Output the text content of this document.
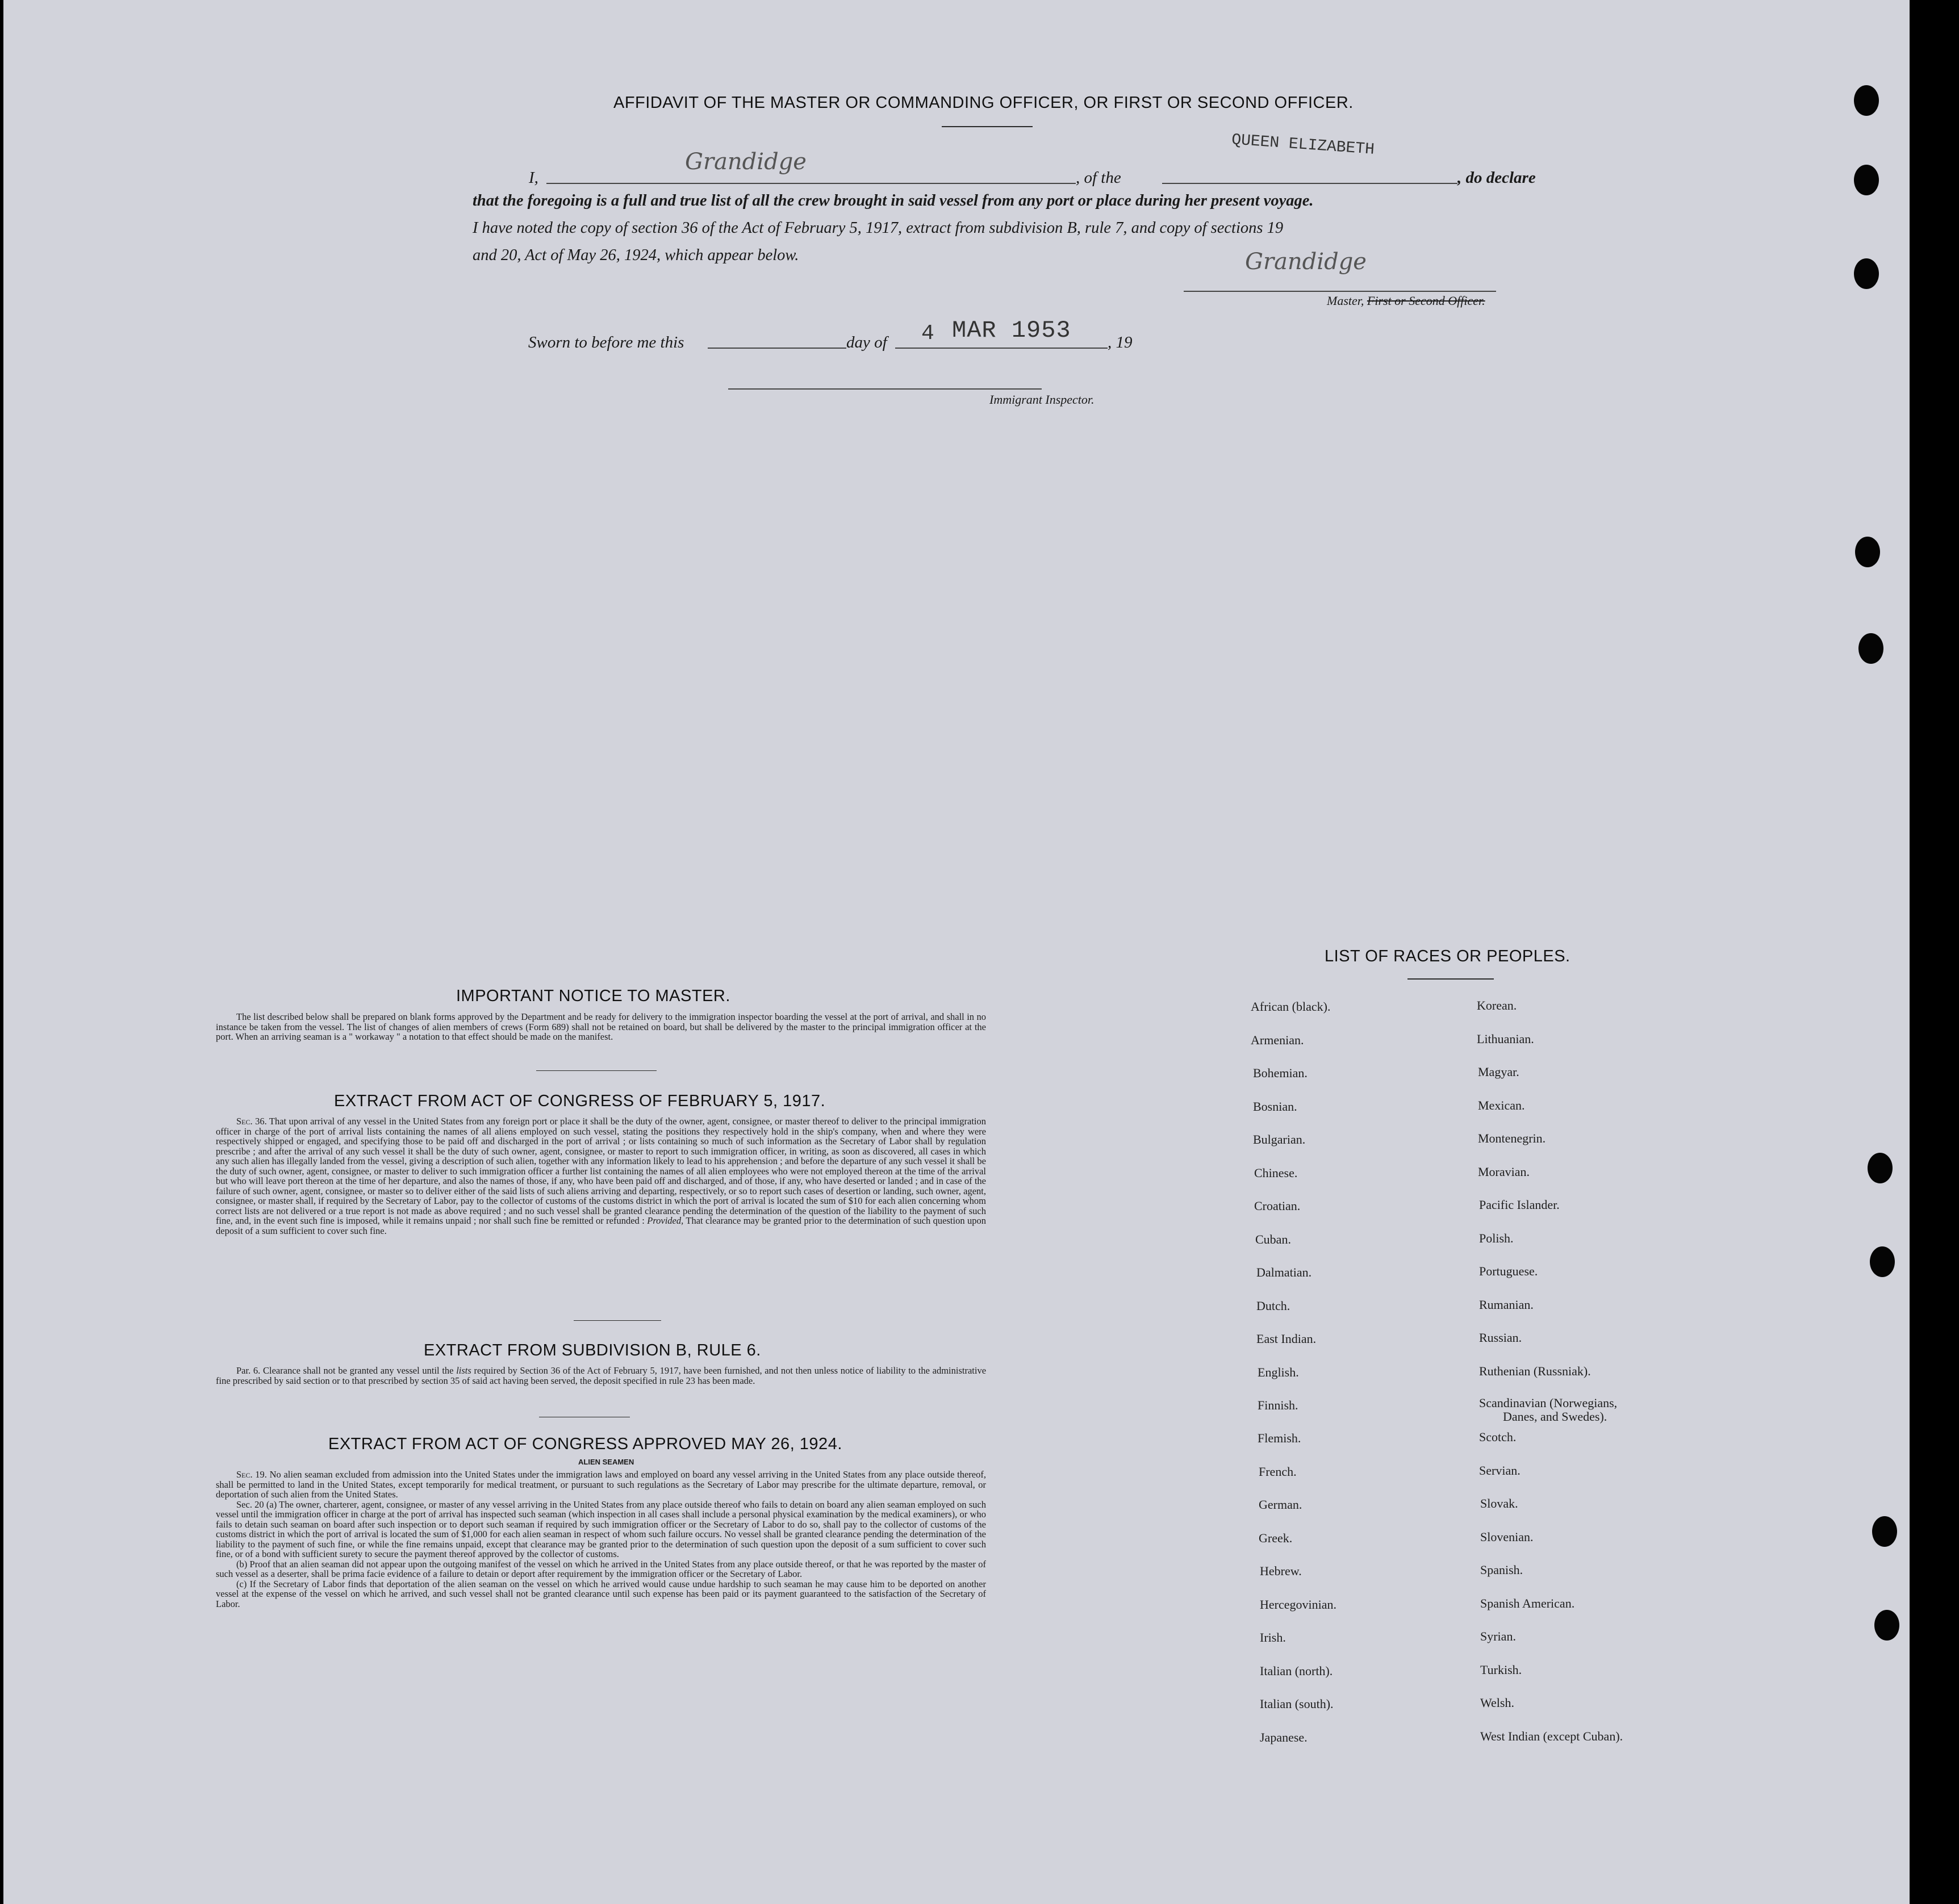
AFFIDAVIT OF THE MASTER OR COMMANDING OFFICER, OR FIRST OR SECOND OFFICER.
I,
Grandidge
, of the
QUEEN ELIZABETH
, do declare
that the foregoing is a full and true list of all the crew brought in said vessel from any port or place during her present voyage.
I have noted the copy of section 36 of the Act of February 5, 1917, extract from subdivision B, rule 7, and copy of sections 19
and 20, Act of May 26, 1924, which appear below.	Grandidge
Master, First or Second Officer.
Sworn to before me this	day of 4 MAR 1953 , 19
Immigrant Inspector.
IMPORTANT NOTICE TO MASTER.

The list described below shall be prepared on blank forms approved by the Department and be ready for delivery to the immigration inspector boarding the vessel at the port of arrival, and shall in no instance be taken from the vessel. The list of changes of alien members of crews (Form 689) shall not be retained on board, but shall be delivered by the master to the principal immigration officer at the port. When an arriving seaman is a " workaway " a notation to that effect should be made on the manifest.

EXTRACT FROM ACT OF CONGRESS OF FEBRUARY 5, 1917.

Sec. 36. That upon arrival of any vessel in the United States from any foreign port or place it shall be the duty of the owner, agent, consignee, or master thereof to deliver to the principal immigration officer in charge of the port of arrival lists containing the names of all aliens employed on such vessel, stating the positions they respectively hold in the ship's company, when and where they were respectively shipped or engaged, and specifying those to be paid off and discharged in the port of arrival ; or lists containing so much of such information as the Secretary of Labor shall by regulation prescribe ; and after the arrival of any such vessel it shall be the duty of such owner, agent, consignee, or master to report to such immigration officer, in writing, as soon as discovered, all cases in which any such alien has illegally landed from the vessel, giving a description of such alien, together with any information likely to lead to his apprehension ; and before the departure of any such vessel it shall be the duty of such owner, agent, consignee, or master to deliver to such immigration officer a further list containing the names of all alien employees who were not employed thereon at the time of the arrival but who will leave port thereon at the time of her departure, and also the names of those, if any, who have been paid off and discharged, and of those, if any, who have deserted or landed ; and in case of the failure of such owner, agent, consignee, or master so to deliver either of the said lists of such aliens arriving and departing, respectively, or so to report such cases of desertion or landing, such owner, agent, consignee, or master shall, if required by the Secretary of Labor, pay to the collector of customs of the customs district in which the port of arrival is located the sum of $10 for each alien concerning whom correct lists are not delivered or a true report is not made as above required ; and no such vessel shall be granted clearance pending the determination of the question of the liability to the payment of such fine, and, in the event such fine is imposed, while it remains unpaid ; nor shall such fine be remitted or refunded : Provided, That clearance may be granted prior to the determination of such question upon deposit of a sum sufficient to cover such fine.

EXTRACT FROM SUBDIVISION B, RULE 6.

Par. 6. Clearance shall not be granted any vessel until the lists required by Section 36 of the Act of February 5, 1917, have been furnished, and not then unless notice of liability to the administrative fine prescribed by said section or to that prescribed by section 35 of said act having been served, the deposit specified in rule 23 has been made.

EXTRACT FROM ACT OF CONGRESS APPROVED MAY 26, 1924.
ALIEN SEAMEN

Sec. 19. No alien seaman excluded from admission into the United States under the immigration laws and employed on board any vessel arriving in the United States from any place outside thereof, shall be permitted to land in the United States, except temporarily for medical treatment, or pursuant to such regulations as the Secretary of Labor may prescribe for the ultimate departure, removal, or deportation of such alien from the United States.

Sec. 20 (a) The owner, charterer, agent, consignee, or master of any vessel arriving in the United States from any place outside thereof who fails to detain on board any alien seaman employed on such vessel until the immigration officer in charge at the port of arrival has inspected such seaman (which inspection in all cases shall include a personal physical examination by the medical examiners), or who fails to detain such seaman on board after such inspection or to deport such seaman if required by such immigration officer or the Secretary of Labor to do so, shall pay to the collector of customs of the customs district in which the port of arrival is located the sum of $1,000 for each alien seaman in respect of whom such failure occurs. No vessel shall be granted clearance pending the determination of the liability to the payment of such fine, or while the fine remains unpaid, except that clearance may be granted prior to the determination of such question upon the deposit of a sum sufficient to cover such fine, or of a bond with sufficient surety to secure the payment thereof approved by the collector of customs.

(b) Proof that an alien seaman did not appear upon the outgoing manifest of the vessel on which he arrived in the United States from any place outside thereof, or that he was reported by the master of such vessel as a deserter, shall be prima facie evidence of a failure to detain or deport after requirement by the immigration officer or the Secretary of Labor.

(c) If the Secretary of Labor finds that deportation of the alien seaman on the vessel on which he arrived would cause undue hardship to such seaman he may cause him to be deported on another vessel at the expense of the vessel on which he arrived, and such vessel shall not be granted clearance until such expense has been paid or its payment guaranteed to the satisfaction of the Secretary of Labor.

LIST OF RACES OR PEOPLES.
African (black).
Armenian.
Bohemian.
Bosnian.
Bulgarian.
Chinese.
Croatian.
Cuban.
Dalmatian.
Dutch.
East Indian.
English.
Finnish.
Flemish.
French.
German.
Greek.
Hebrew.
Hercegovinian.
Irish.
Italian (north).
Italian (south).
Japanese.
Korean.
Lithuanian.
Magyar.
Mexican.
Montenegrin.
Moravian.
Pacific Islander.
Polish.
Portuguese.
Rumanian.
Russian.
Ruthenian (Russniak).
Scandinavian (Norwegians,
Danes, and Swedes).
Scotch.
Servian.
Slovak.
Slovenian.
Spanish.
Spanish American.
Syrian.
Turkish.
Welsh.
West Indian (except Cuban).
